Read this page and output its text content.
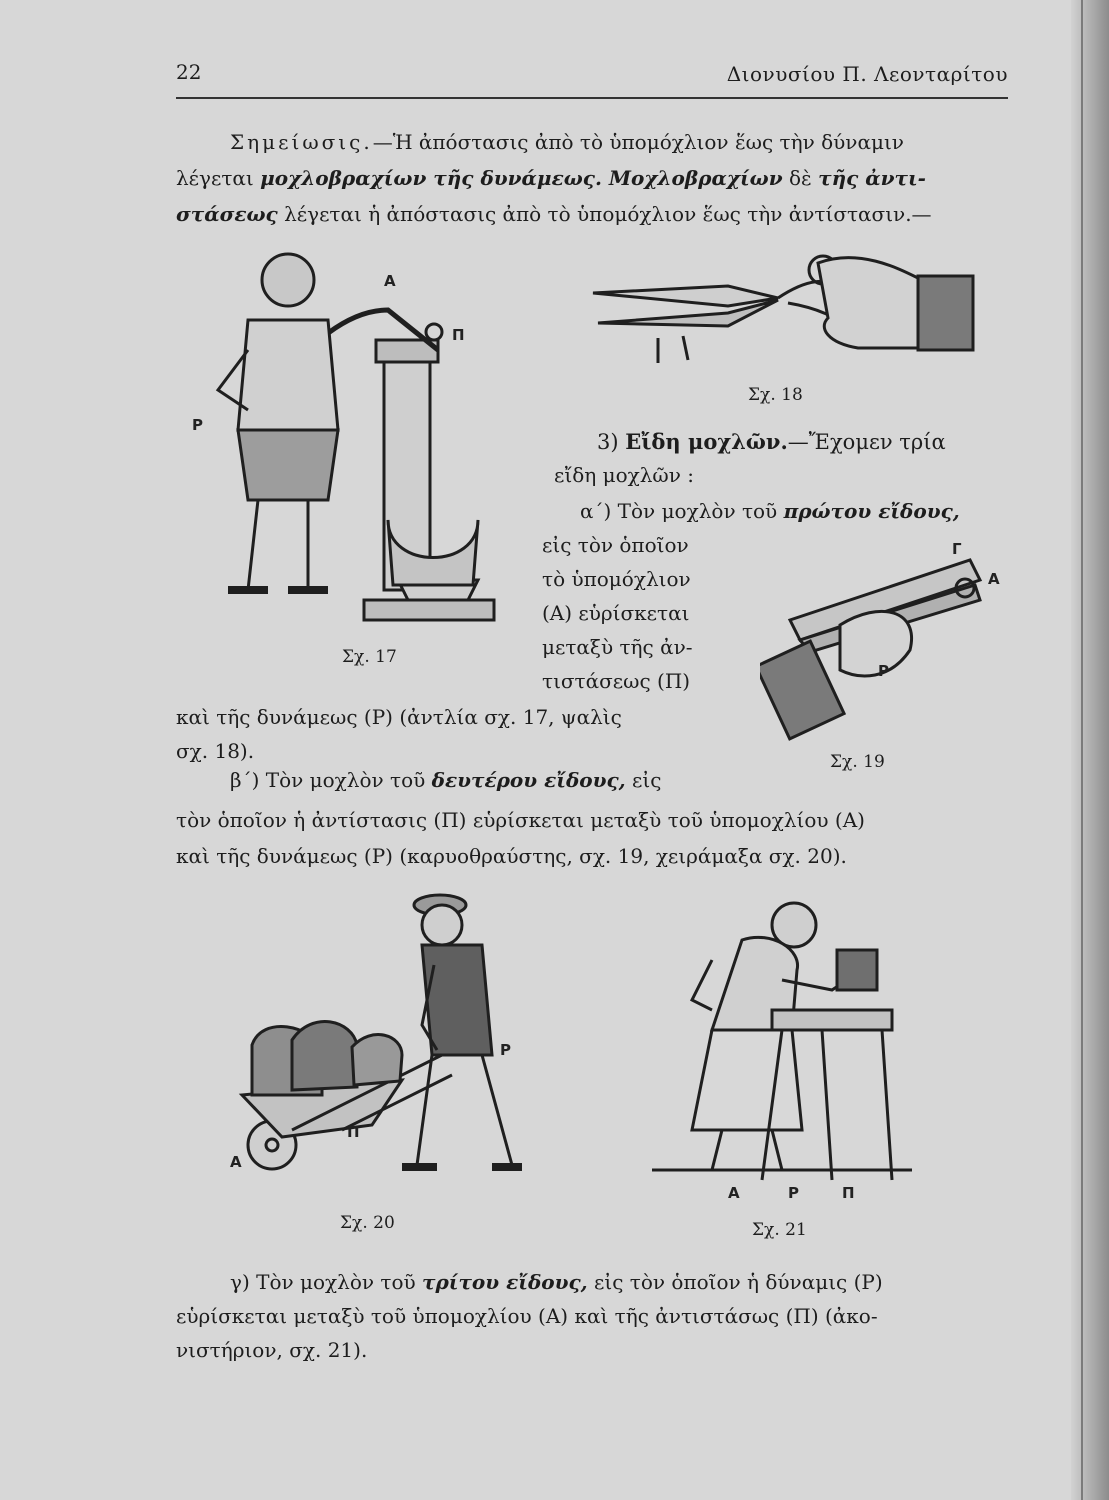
22	Διονυσίου Π. Λεονταρίτου
Σημείωσις.—Ἡ ἀπόστασις ἀπὸ τὸ ὑπομόχλιον ἕως τὴν δύναμιν
λέγεται μοχλοβραχίων τῆς δυνάμεως. Μοχλοβραχίων δὲ τῆς ἀντι-
στάσεως λέγεται ἡ ἀπόστασις ἀπὸ τὸ ὑπομόχλιον ἕως τὴν ἀντίστασιν.—
Α
Π
Ρ
Σχ. 17
Σχ. 18
3) Εἴδη μοχλῶν.—Ἔχομεν τρία
εἴδη μοχλῶν :
α΄) Τὸν μοχλὸν τοῦ πρώτου εἴδους,
εἰς τὸν ὁποῖον
τὸ ὑπομόχλιον
(Α) εὑρίσκεται
μεταξὺ τῆς ἀν-
τιστάσεως (Π)
καὶ τῆς δυνάμεως (Ρ) (ἀντλία σχ. 17, ψαλὶς
σχ. 18).
Γ
Α
Ρ
Σχ. 19
β΄) Τὸν μοχλὸν τοῦ δευτέρου εἴδους, εἰς
τὸν ὁποῖον ἡ ἀντίστασις (Π) εὑρίσκεται μεταξὺ τοῦ ὑπομοχλίου (Α)
καὶ τῆς δυνάμεως (Ρ) (καρυοθραύστης, σχ. 19, χειράμαξα σχ. 20).
Ρ
Π
Α
Σχ. 20
Α	Ρ	Π
Σχ. 21
γ) Τὸν μοχλὸν τοῦ τρίτου εἴδους, εἰς τὸν ὁποῖον ἡ δύναμις (Ρ)
εὑρίσκεται μεταξὺ τοῦ ὑπομοχλίου (Α) καὶ τῆς ἀντιστάσως (Π) (ἀκο-
νιστήριον, σχ. 21).
